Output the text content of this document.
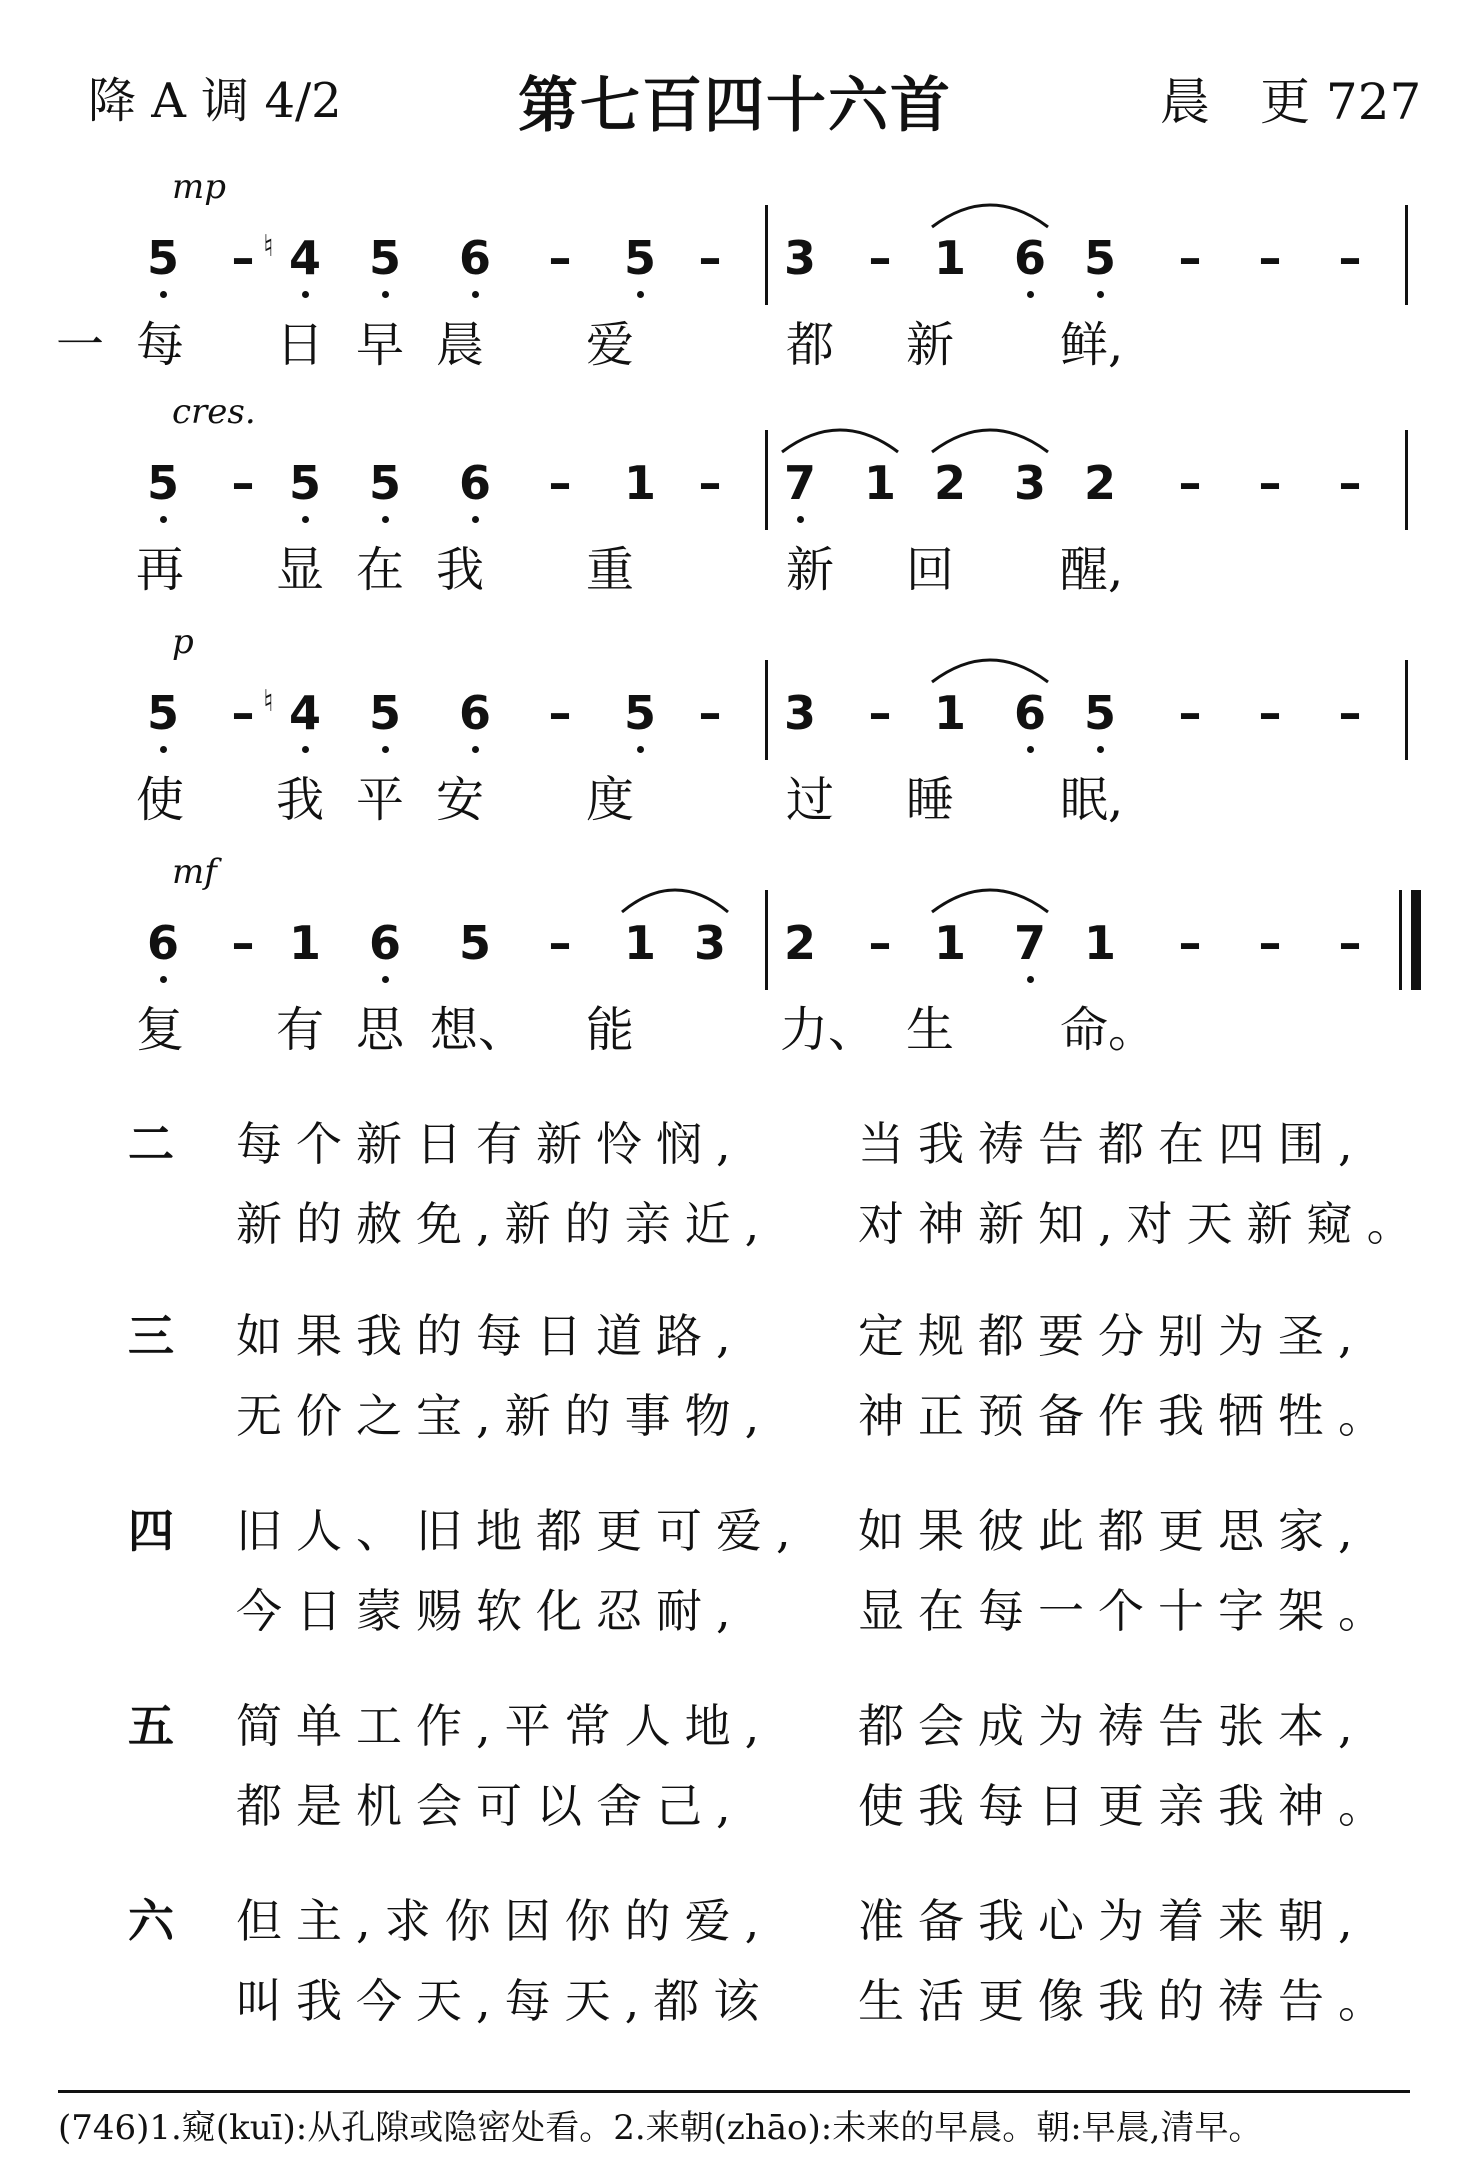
降 A 调 4/2	第七百四十六首	晨　更 727
mp
5 – 4
♮ 5 6 – 5 – 3 – 1 6 5 – – –
一 每 日 早 晨 爱	都 新 鲜,
cres.
5 – 5 5 6 – 1 – 7 1 2 3 2 – – –
再 显 在 我 重	新 回 醒,
p
5 – 4
♮ 5 6 – 5 – 3 – 1 6 5 – – –
使 我 平 安 度	过 睡 眠,
mf
6 – 1 6 5 – 1 3 2 – 1 7 1 – – –
复 有 思 想、 能	力、 生 命。
二 每个新日有新怜悯, 当我祷告都在四围,
新的赦免,新的亲近, 对神新知,对天新窥。
三 如果我的每日道路, 定规都要分别为圣,
无价之宝,新的事物, 神正预备作我牺牲。
四 旧人、旧地都更可爱, 如果彼此都更思家,
今日蒙赐软化忍耐, 显在每一个十字架。
五 简单工作,平常人地, 都会成为祷告张本,
都是机会可以舍己, 使我每日更亲我神。
六 但主,求你因你的爱, 准备我心为着来朝,
叫我今天,每天,都该 生活更像我的祷告。
(746)1.窥(kuī):从孔隙或隐密处看。2.来朝(zhāo):未来的早晨。朝:早晨,清早。
